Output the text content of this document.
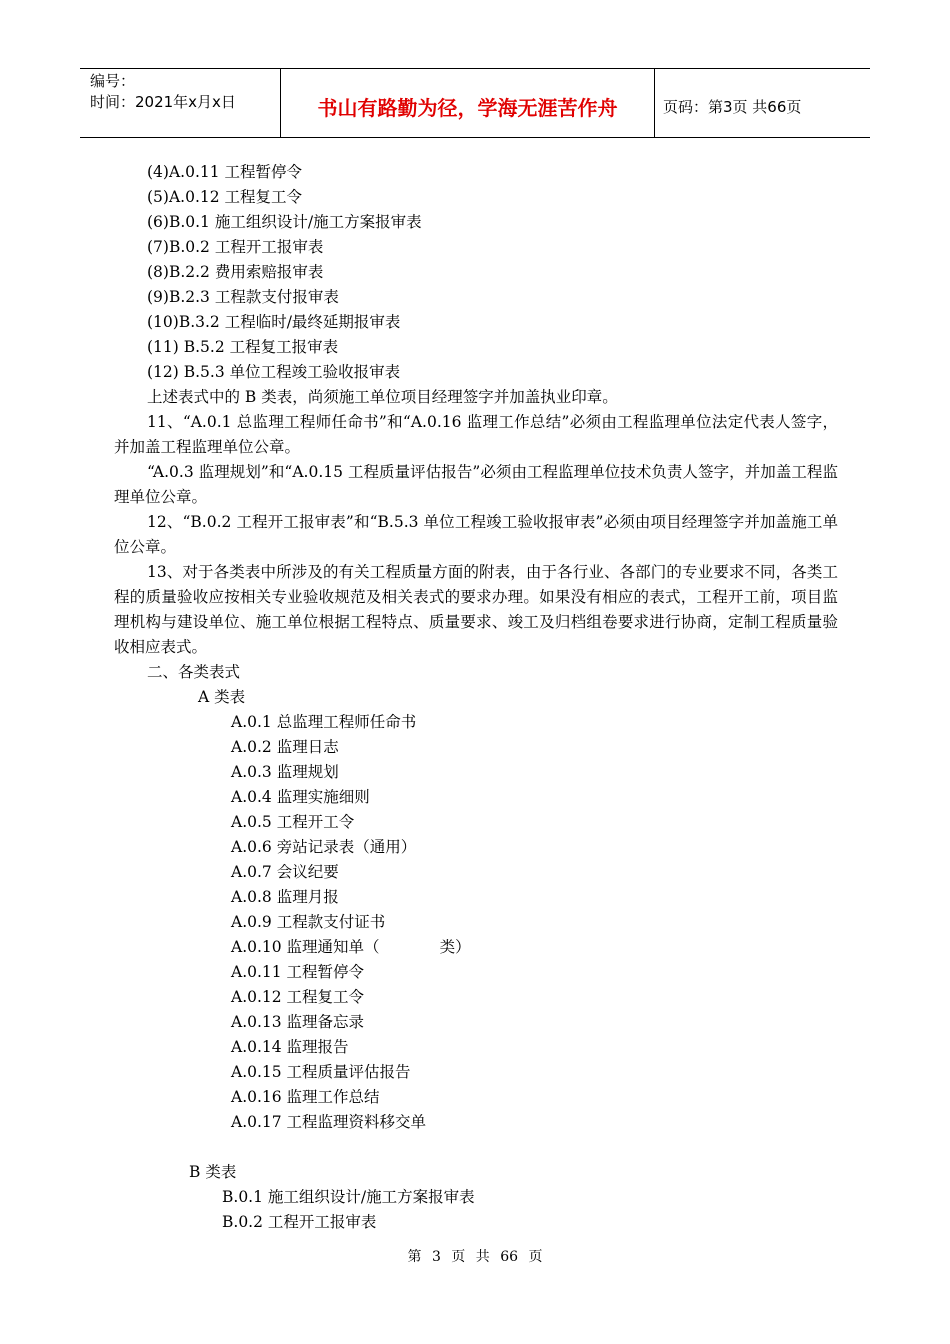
编号：
时间：2021年x月x日	书山有路勤为径，学海无涯苦作舟	页码：第3页 共66页
(4)A.0.11 工程暂停令
(5)A.0.12 工程复工令
(6)B.0.1 施工组织设计/施工方案报审表
(7)B.0.2 工程开工报审表
(8)B.2.2 费用索赔报审表
(9)B.2.3 工程款支付报审表
(10)B.3.2 工程临时/最终延期报审表
(11) B.5.2 工程复工报审表
(12) B.5.3 单位工程竣工验收报审表
上述表式中的 B 类表，尚须施工单位项目经理签字并加盖执业印章。
11、“A.0.1 总监理工程师任命书”和“A.0.16 监理工作总结”必须由工程监理单位法定代表人签字，并加盖工程监理单位公章。
“A.0.3 监理规划”和“A.0.15 工程质量评估报告”必须由工程监理单位技术负责人签字，并加盖工程监理单位公章。
12、“B.0.2 工程开工报审表”和“B.5.3 单位工程竣工验收报审表”必须由项目经理签字并加盖施工单位公章。
13、对于各类表中所涉及的有关工程质量方面的附表，由于各行业、各部门的专业要求不同，各类工程的质量验收应按相关专业验收规范及相关表式的要求办理。如果没有相应的表式，工程开工前，项目监理机构与建设单位、施工单位根据工程特点、质量要求、竣工及归档组卷要求进行协商，定制工程质量验收相应表式。
二、各类表式
A 类表
A.0.1 总监理工程师任命书
A.0.2 监理日志
A.0.3 监理规划
A.0.4 监理实施细则
A.0.5 工程开工令
A.0.6 旁站记录表（通用）
A.0.7 会议纪要
A.0.8 监理月报
A.0.9 工程款支付证书
A.0.10 监理通知单（	类）
A.0.11 工程暂停令
A.0.12 工程复工令
A.0.13 监理备忘录
A.0.14 监理报告
A.0.15 工程质量评估报告
A.0.16 监理工作总结
A.0.17 工程监理资料移交单
B 类表
B.0.1 施工组织设计/施工方案报审表
B.0.2 工程开工报审表
第 3 页 共 66 页
